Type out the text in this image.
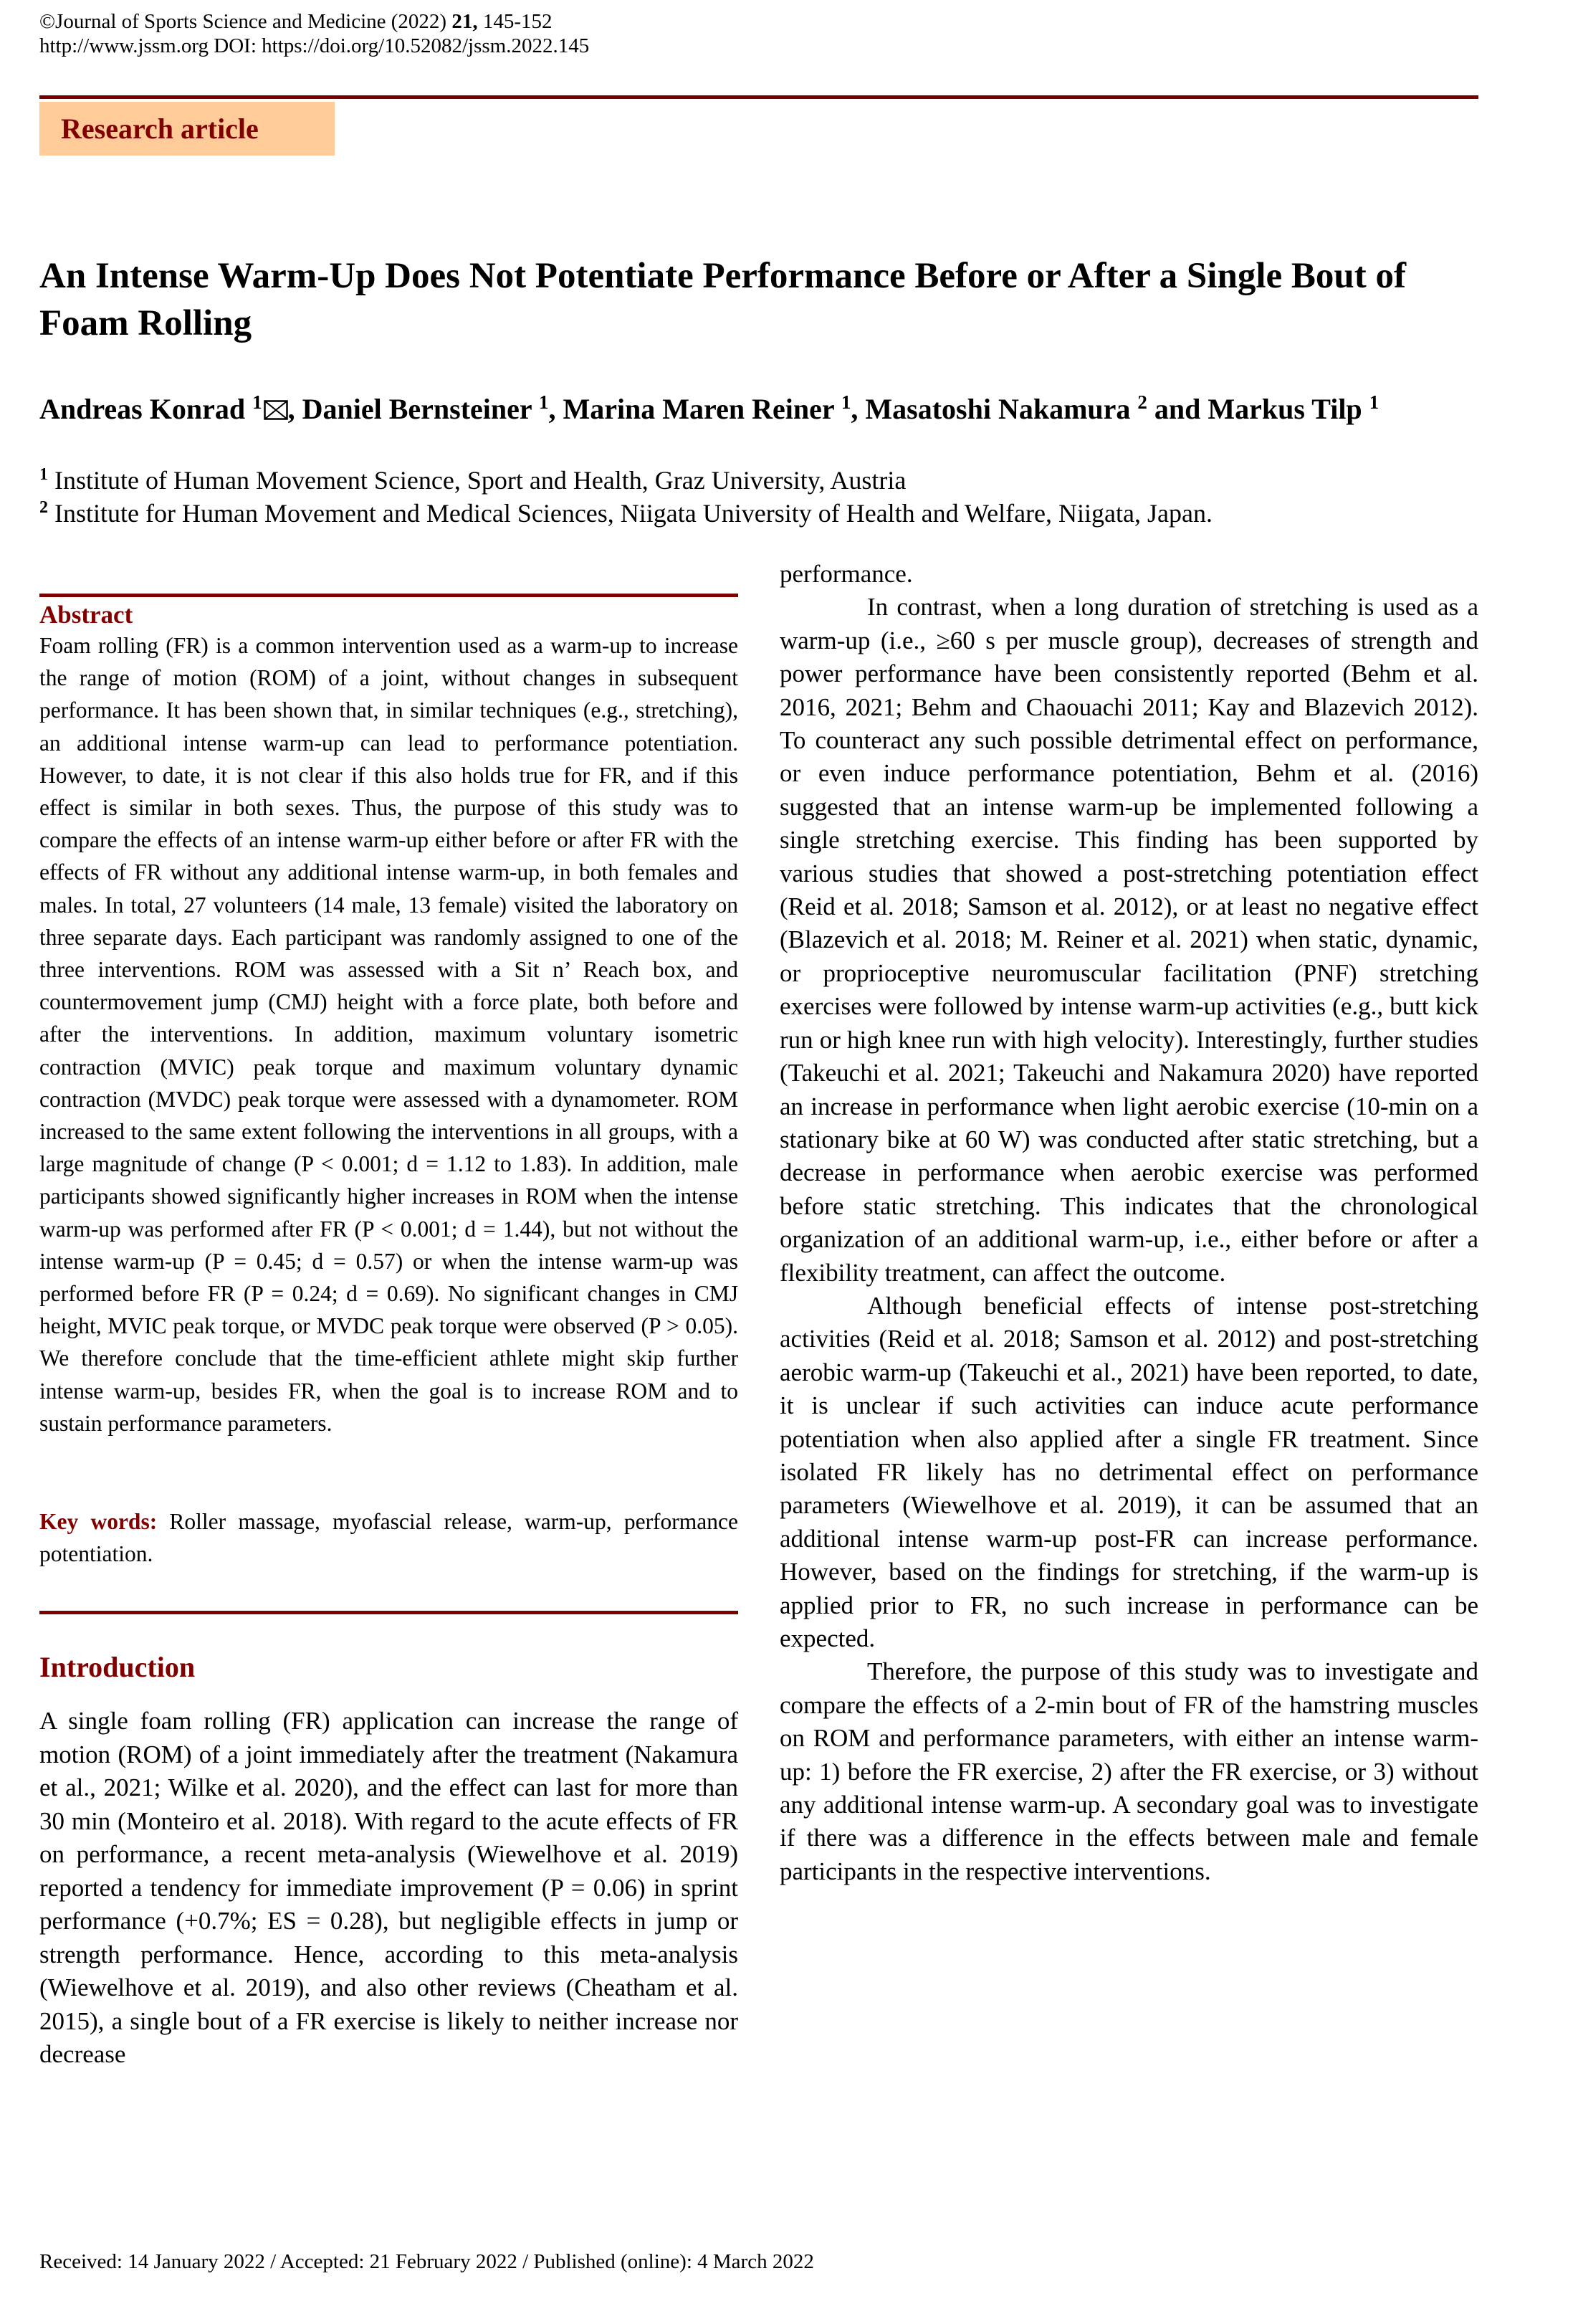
©Journal of Sports Science and Medicine (2022) 21, 145-152
http://www.jssm.org DOI: https://doi.org/10.52082/jssm.2022.145
Research article
An Intense Warm-Up Does Not Potentiate Performance Before or After a Single Bout of Foam Rolling
Andreas Konrad $^1$ , Daniel Bernsteiner $^1$, Marina Maren Reiner $^1$, Masatoshi Nakamura $^2$ and Markus Tilp $^1$
$^1$ Institute of Human Movement Science, Sport and Health, Graz University, Austria
$^2$ Institute for Human Movement and Medical Sciences, Niigata University of Health and Welfare, Niigata, Japan.
Abstract
Foam rolling (FR) is a common intervention used as a warm-up to increase the range of motion (ROM) of a joint, without changes in subsequent performance. It has been shown that, in similar techniques (e.g., stretching), an additional intense warm-up can lead to performance potentiation. However, to date, it is not clear if this also holds true for FR, and if this effect is similar in both sexes. Thus, the purpose of this study was to compare the effects of an intense warm-up either before or after FR with the effects of FR without any additional intense warm-up, in both females and males. In total, 27 volunteers (14 male, 13 female) visited the laboratory on three separate days. Each participant was randomly assigned to one of the three interventions. ROM was assessed with a Sit n’ Reach box, and countermovement jump (CMJ) height with a force plate, both before and after the interventions. In addition, maximum voluntary isometric contraction (MVIC) peak torque and maximum voluntary dynamic contraction (MVDC) peak torque were assessed with a dynamometer. ROM increased to the same extent following the interventions in all groups, with a large magnitude of change (P < 0.001; d = 1.12 to 1.83). In addition, male participants showed significantly higher increases in ROM when the intense warm-up was performed after FR (P < 0.001; d = 1.44), but not without the intense warm-up (P = 0.45; d = 0.57) or when the intense warm-up was performed before FR (P = 0.24; d = 0.69). No significant changes in CMJ height, MVIC peak torque, or MVDC peak torque were observed (P > 0.05). We therefore conclude that the time-efficient athlete might skip further intense warm-up, besides FR, when the goal is to increase ROM and to sustain performance parameters.
Key words: Roller massage, myofascial release, warm-up, performance potentiation.
Introduction
A single foam rolling (FR) application can increase the range of motion (ROM) of a joint immediately after the treatment (Nakamura et al., 2021; Wilke et al. 2020), and the effect can last for more than 30 min (Monteiro et al. 2018). With regard to the acute effects of FR on performance, a recent meta-analysis (Wiewelhove et al. 2019) reported a tendency for immediate improvement (P = 0.06) in sprint performance (+0.7%; ES = 0.28), but negligible effects in jump or strength performance. Hence, according to this meta-analysis (Wiewelhove et al. 2019), and also other reviews (Cheatham et al. 2015), a single bout of a FR exercise is likely to neither increase nor decrease

performance.

In contrast, when a long duration of stretching is used as a warm-up (i.e., ≥60 s per muscle group), decreases of strength and power performance have been consistently reported (Behm et al. 2016, 2021; Behm and Chaouachi 2011; Kay and Blazevich 2012). To counteract any such possible detrimental effect on performance, or even induce performance potentiation, Behm et al. (2016) suggested that an intense warm-up be implemented following a single stretching exercise. This finding has been supported by various studies that showed a post-stretching potentiation effect (Reid et al. 2018; Samson et al. 2012), or at least no negative effect (Blazevich et al. 2018; M. Reiner et al. 2021) when static, dynamic, or proprioceptive neuromuscular facilitation (PNF) stretching exercises were followed by intense warm-up activities (e.g., butt kick run or high knee run with high velocity). Interestingly, further studies (Takeuchi et al. 2021; Takeuchi and Nakamura 2020) have reported an increase in performance when light aerobic exercise (10-min on a stationary bike at 60 W) was conducted after static stretching, but a decrease in performance when aerobic exercise was performed before static stretching. This indicates that the chronological organization of an additional warm-up, i.e., either before or after a flexibility treatment, can affect the outcome.

Although beneficial effects of intense post-stretching activities (Reid et al. 2018; Samson et al. 2012) and post-stretching aerobic warm-up (Takeuchi et al., 2021) have been reported, to date, it is unclear if such activities can induce acute performance potentiation when also applied after a single FR treatment. Since isolated FR likely has no detrimental effect on performance parameters (Wiewelhove et al. 2019), it can be assumed that an additional intense warm-up post-FR can increase performance. However, based on the findings for stretching, if the warm-up is applied prior to FR, no such increase in performance can be expected.

Therefore, the purpose of this study was to investigate and compare the effects of a 2-min bout of FR of the hamstring muscles on ROM and performance parameters, with either an intense warm-up: 1) before the FR exercise, 2) after the FR exercise, or 3) without any additional intense warm-up. A secondary goal was to investigate if there was a difference in the effects between male and female participants in the respective interventions.

Received: 14 January 2022 / Accepted: 21 February 2022 / Published (online): 4 March 2022
